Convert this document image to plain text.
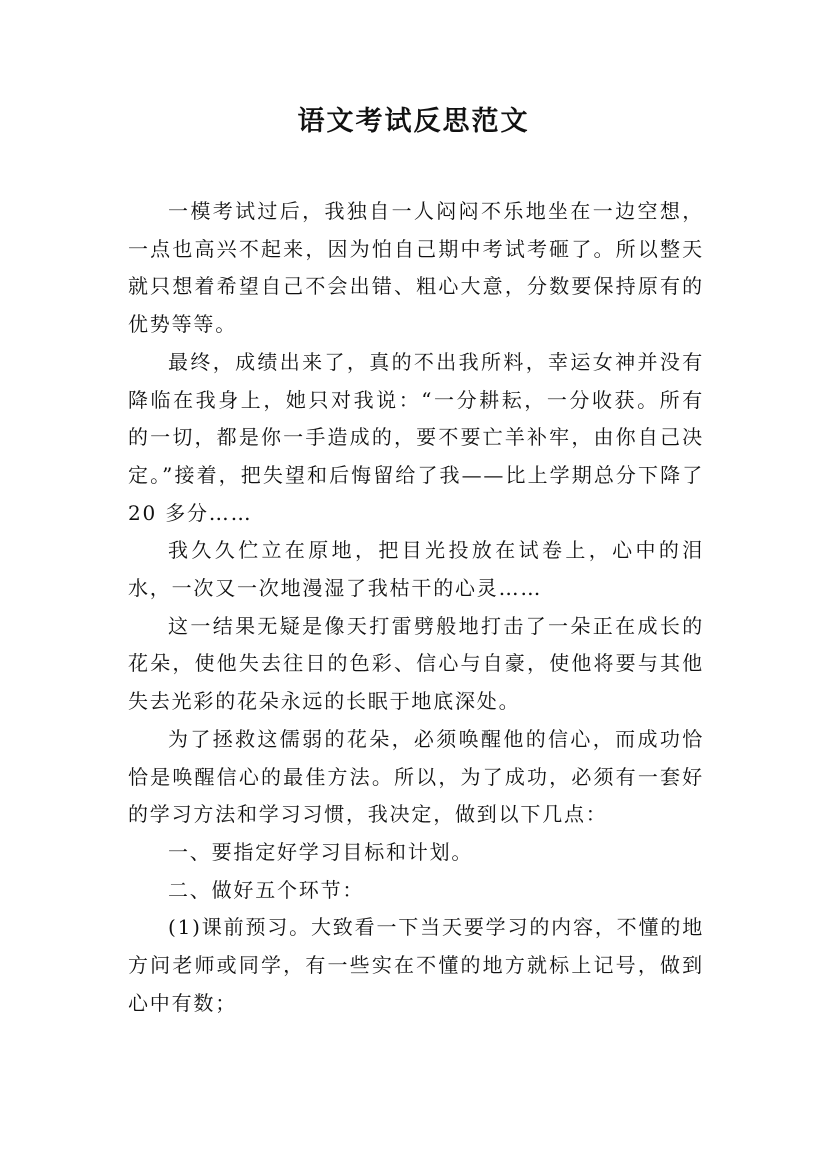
语文考试反思范文

一模考试过后，我独自一人闷闷不乐地坐在一边空想，一点也高兴不起来，因为怕自己期中考试考砸了。所以整天就只想着希望自己不会出错、粗心大意，分数要保持原有的优势等等。

最终，成绩出来了，真的不出我所料，幸运女神并没有降临在我身上，她只对我说：“一分耕耘，一分收获。所有的一切，都是你一手造成的，要不要亡羊补牢，由你自己决定。”接着，把失望和后悔留给了我——比上学期总分下降了 20 多分……

我久久伫立在原地，把目光投放在试卷上，心中的泪水，一次又一次地漫湿了我枯干的心灵……

这一结果无疑是像天打雷劈般地打击了一朵正在成长的花朵，使他失去往日的色彩、信心与自豪，使他将要与其他失去光彩的花朵永远的长眠于地底深处。

为了拯救这儒弱的花朵，必须唤醒他的信心，而成功恰恰是唤醒信心的最佳方法。所以，为了成功，必须有一套好的学习方法和学习习惯，我决定，做到以下几点：

一、要指定好学习目标和计划。

二、做好五个环节：

(1)课前预习。大致看一下当天要学习的内容，不懂的地方问老师或同学，有一些实在不懂的地方就标上记号，做到心中有数；
